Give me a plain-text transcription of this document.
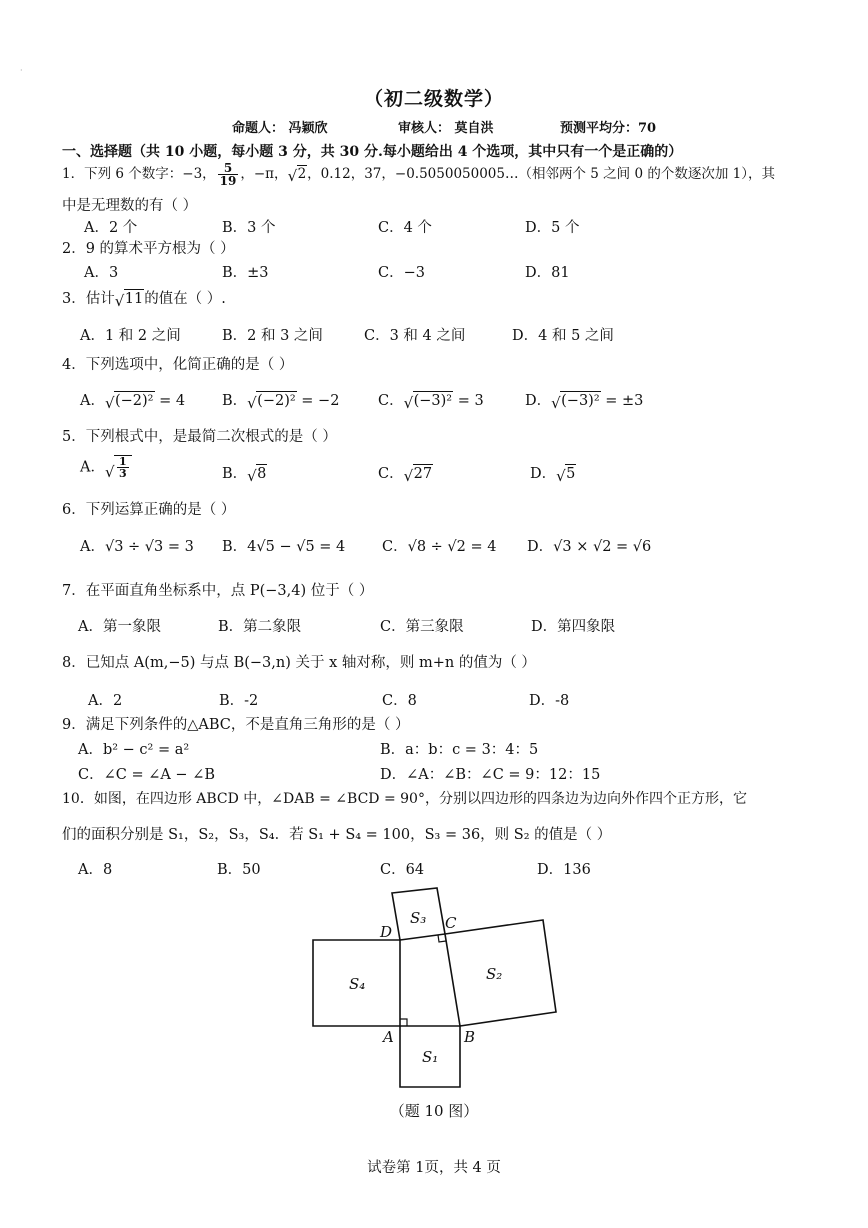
·
（初二级数学）
命题人： 冯颖欣	审核人： 莫自洪	预测平均分：70
一、选择题（共 10 小题，每小题 3 分，共 30 分.每小题给出 4 个选项，其中只有一个是正确的）
1．下列 6 个数字：−3， $\frac{5}{19}$ ，−π， √ 2，0.12，37，−0.5050050005…（相邻两个 5 之间 0 的个数逐次加 1），其
中是无理数的有（ ）
A．2 个	B．3 个	C．4 个	D．5 个
2．9 的算术平方根为（ ）
A．3	B．±3	C．−3	D．81
3．估计 √ 11的值在（ ）.
A．1 和 2 之间	B．2 和 3 之间	C．3 和 4 之间	D．4 和 5 之间
4．下列选项中，化简正确的是（ ）
A． √ (−2)² = 4	B． √ (−2)² = −2	C． √ (−3)² = 3	D． √ (−3)² = ±3
5．下列根式中，是最简二次根式的是（ ）
A． √ $\frac{1}{3}$	B． √ 8	C． √ 27	D． √ 5
6．下列运算正确的是（ ）
A．√3 ÷ √3 = 3 B．4√5 − √5 = 4	C．√8 ÷ √2 = 4 D．√3 × √2 = √6
7．在平面直角坐标系中，点 P(−3,4) 位于（ ）
A．第一象限	B．第二象限	C．第三象限	D．第四象限
8．已知点 A(m,−5) 与点 B(−3,n) 关于 x 轴对称，则 m+n 的值为（ ）
A．2	B．-2	C．8	D．-8
9．满足下列条件的△ABC，不是直角三角形的是（ ）
A．b² − c² = a²	B．a：b：c = 3：4：5
C．∠C = ∠A − ∠B	D．∠A：∠B：∠C = 9：12：15
10．如图，在四边形 ABCD 中，∠DAB = ∠BCD = 90°，分别以四边形的四条边为边向外作四个正方形，它
们的面积分别是 S₁，S₂，S₃，S₄．若 S₁ + S₄ = 100，S₃ = 36，则 S₂ 的值是（ ）
A．8	B．50	C．64	D．136
S₄
S₁
S₃
S₂
D	C
A	B
（题 10 图）
试卷第 1页，共 4 页
